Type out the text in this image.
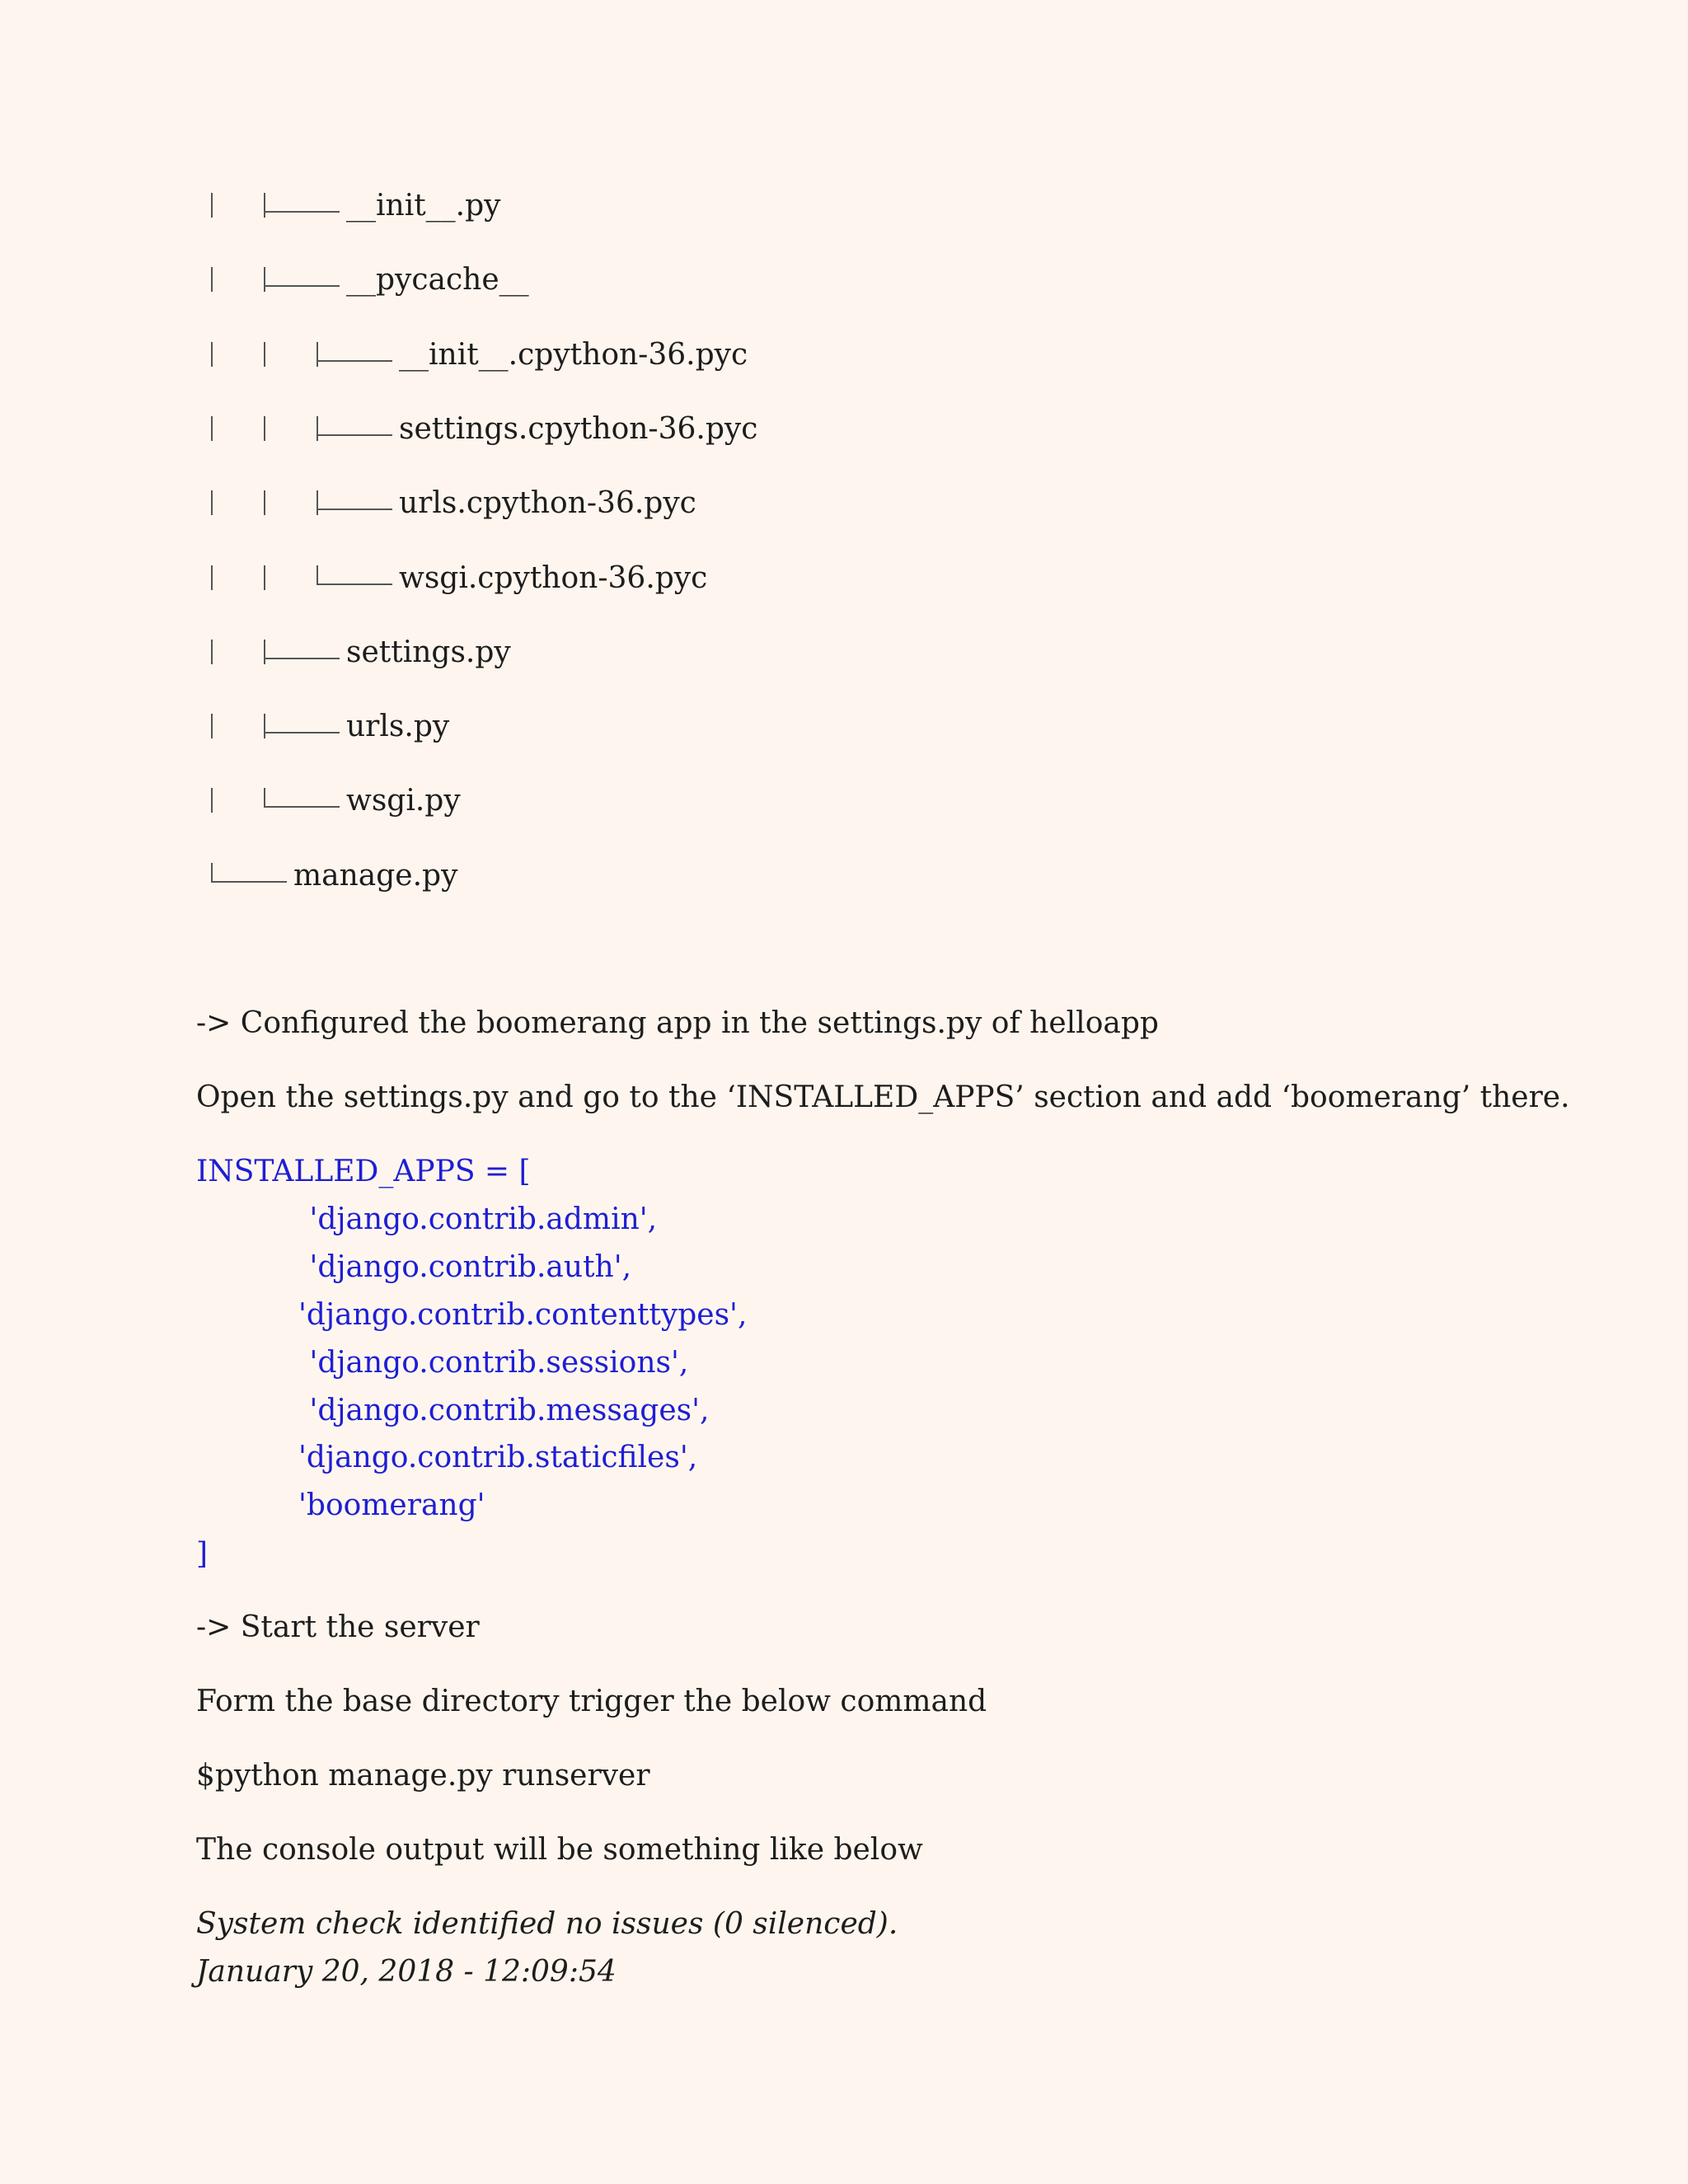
__init__.py
__pycache__
__init__.cpython-36.pyc
settings.cpython-36.pyc
urls.cpython-36.pyc
wsgi.cpython-36.pyc
settings.py
urls.py
wsgi.py
manage.py
-> Configured the boomerang app in the settings.py of helloapp
Open the settings.py and go to the ‘INSTALLED_APPS’ section and add ‘boomerang’ there.
INSTALLED_APPS = [
'django.contrib.admin',
'django.contrib.auth',
'django.contrib.contenttypes',
'django.contrib.sessions',
'django.contrib.messages',
'django.contrib.staticfiles',
'boomerang'
]
-> Start the server
Form the base directory trigger the below command
$python manage.py runserver
The console output will be something like below
System check identified no issues (0 silenced).
January 20, 2018 - 12:09:54
